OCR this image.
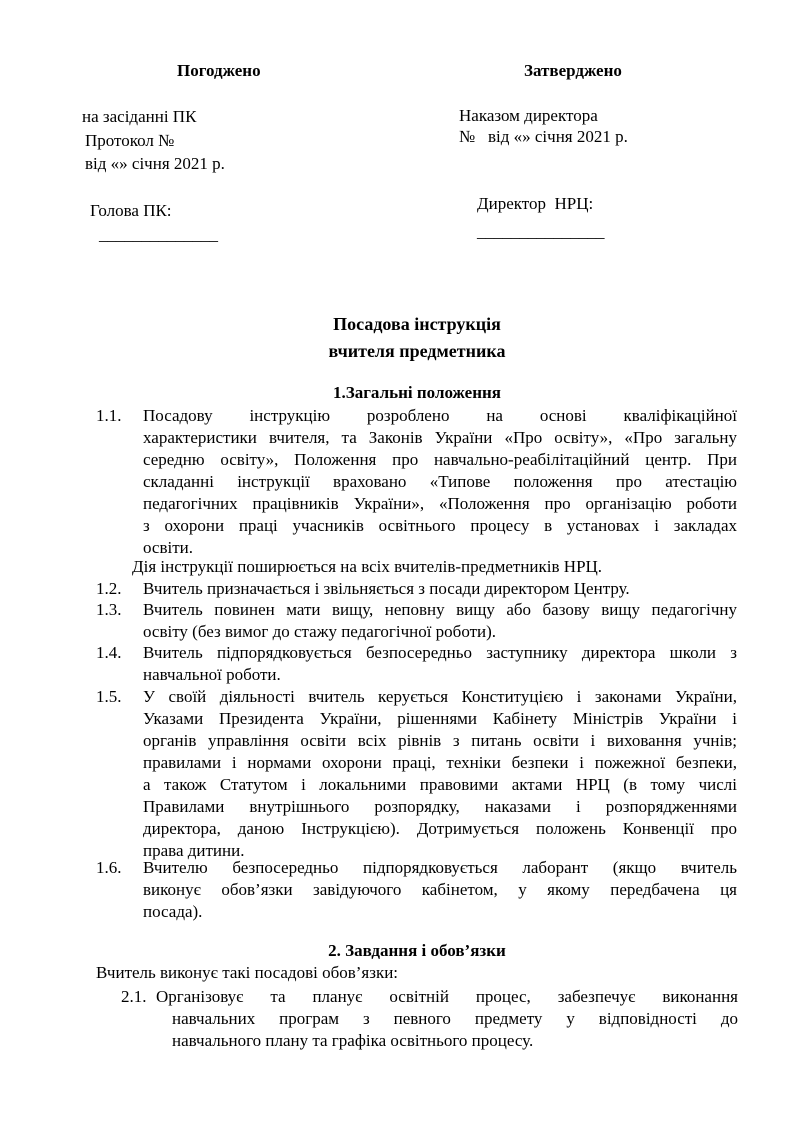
Погоджено
на засіданні ПК
Протокол №
від «» січня 2021 р.
Голова ПК:
______________
Затверджено
Наказом директора
№   від «» січня 2021 р.
Директор  НРЦ:
_______________
Посадова інструкція
вчителя предметника
1.Загальні положення
1.1. Посадову інструкцію розроблено на основі кваліфікаційної
характеристики вчителя, та Законів України «Про освіту», «Про загальну
середню освіту», Положення про навчально-реабілітаційний центр. При
складанні інструкції враховано «Типове положення про атестацію
педагогічних працівників України», «Положення про організацію роботи
з охорони праці учасників освітнього процесу в установах і закладах
освіти.
Дія інструкції поширюється на всіх вчителів-предметників НРЦ.
1.2. Вчитель призначається і звільняється з посади директором Центру.
1.3. Вчитель повинен мати вищу, неповну вищу або базову вищу педагогічну
освіту (без вимог до стажу педагогічної роботи).
1.4. Вчитель підпорядковується безпосередньо заступнику директора школи з
навчальної роботи.
1.5. У своїй діяльності вчитель керується Конституцією і законами України,
Указами Президента України, рішеннями Кабінету Міністрів України і
органів управління освіти всіх рівнів з питань освіти і виховання учнів;
правилами і нормами охорони праці, техніки безпеки і пожежної безпеки,
а також Статутом і локальними правовими актами НРЦ (в тому числі
Правилами внутрішнього розпорядку, наказами і розпорядженнями
директора, даною Інструкцією). Дотримується положень Конвенції про
права дитини.
1.6. Вчителю безпосередньо підпорядковується лаборант (якщо вчитель
виконує обов’язки завідуючого кабінетом, у якому передбачена ця
посада).
2. Завдання і обов’язки
Вчитель виконує такі посадові обов’язки:
2.1. Організовує та планує освітній процес, забезпечує виконання
навчальних програм з певного предмету у відповідності до
навчального плану та графіка освітнього процесу.
